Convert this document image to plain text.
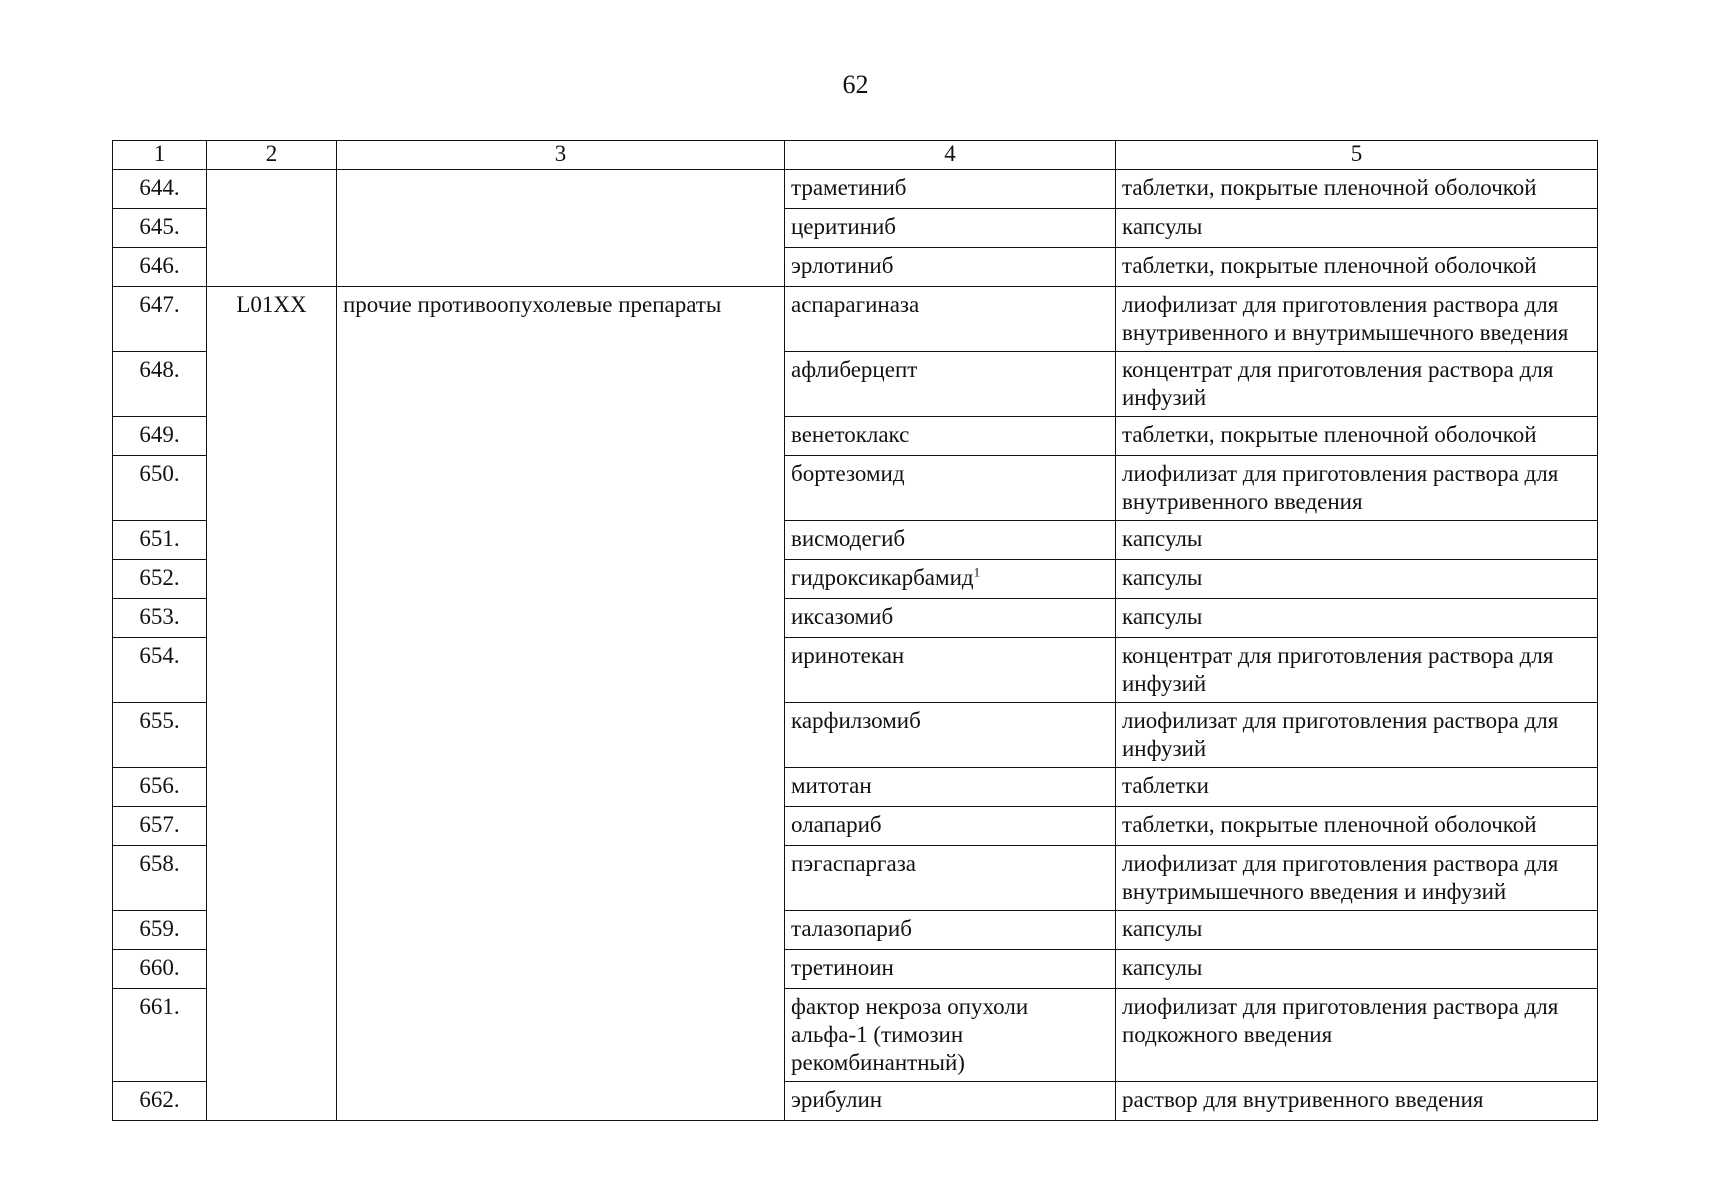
62
1	2	3	4	5
644.			траметиниб	таблетки, покрытые пленочной оболочкой
645.			церитиниб	капсулы
646.			эрлотиниб	таблетки, покрытые пленочной оболочкой
647.	L01XX	прочие противоопухолевые препараты	аспарагиназа	лиофилизат для приготовления раствора для внутривенного и внутримышечного введения
648.			афлиберцепт	концентрат для приготовления раствора для инфузий
649.			венетоклакс	таблетки, покрытые пленочной оболочкой
650.			бортезомид	лиофилизат для приготовления раствора для внутривенного введения
651.			висмодегиб	капсулы
652.			гидроксикарбамид$^1$	капсулы
653.			иксазомиб	капсулы
654.			иринотекан	концентрат для приготовления раствора для инфузий
655.			карфилзомиб	лиофилизат для приготовления раствора для инфузий
656.			митотан	таблетки
657.			олапариб	таблетки, покрытые пленочной оболочкой
658.			пэгаспаргаза	лиофилизат для приготовления раствора для внутримышечного введения и инфузий
659.			талазопариб	капсулы
660.			третиноин	капсулы
661.			фактор некроза опухоли альфа-1 (тимозин рекомбинантный)	лиофилизат для приготовления раствора для подкожного введения
662.			эрибулин	раствор для внутривенного введения
